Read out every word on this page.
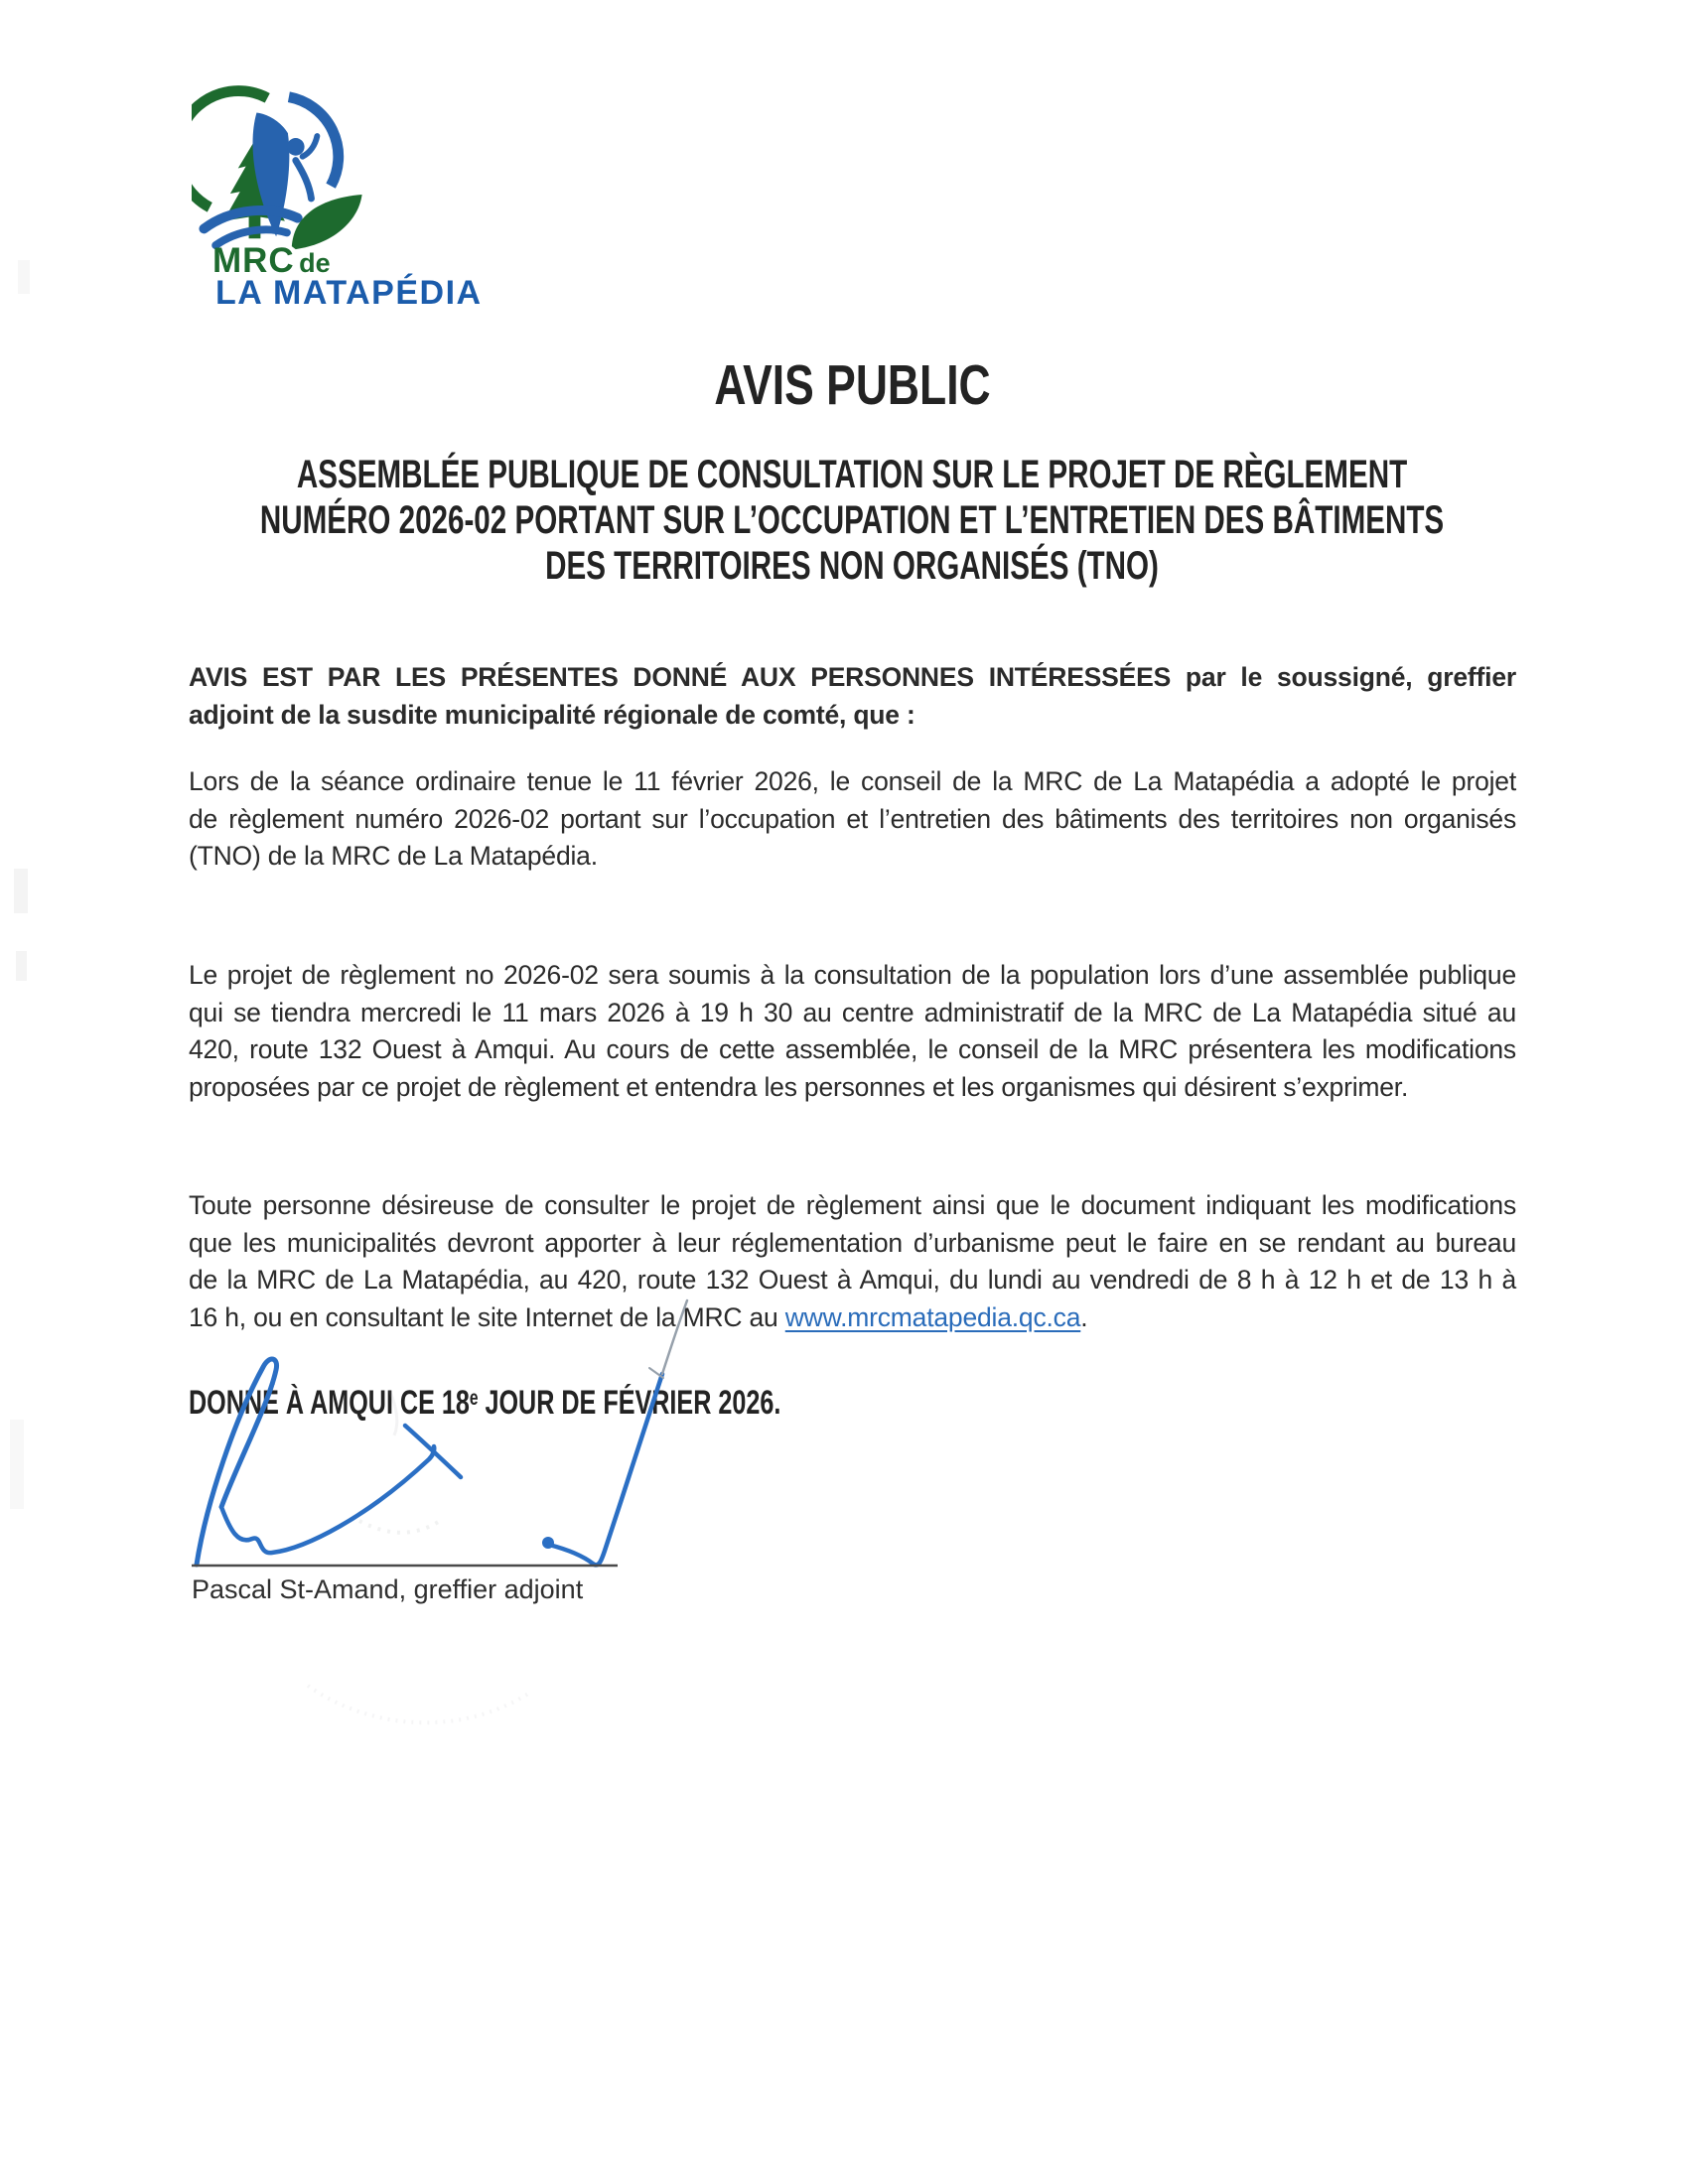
MRC de
LA MATAPÉDIA
AVIS PUBLIC
ASSEMBLÉE PUBLIQUE DE CONSULTATION SUR LE PROJET DE RÈGLEMENT
NUMÉRO 2026-02 PORTANT SUR L’OCCUPATION ET L’ENTRETIEN DES BÂTIMENTS
DES TERRITOIRES NON ORGANISÉS (TNO)
AVIS EST PAR LES PRÉSENTES DONNÉ AUX PERSONNES INTÉRESSÉES par le soussigné, greffier
adjoint de la susdite municipalité régionale de comté, que :
Lors de la séance ordinaire tenue le 11 février 2026, le conseil de la MRC de La Matapédia a adopté le projet
de règlement numéro 2026-02 portant sur l’occupation et l’entretien des bâtiments des territoires non organisés
(TNO) de la MRC de La Matapédia.
Le projet de règlement no 2026-02 sera soumis à la consultation de la population lors d’une assemblée publique
qui se tiendra mercredi le 11 mars 2026 à 19 h 30 au centre administratif de la MRC de La Matapédia situé au
420, route 132 Ouest à Amqui. Au cours de cette assemblée, le conseil de la MRC présentera les modifications
proposées par ce projet de règlement et entendra les personnes et les organismes qui désirent s’exprimer.
Toute personne désireuse de consulter le projet de règlement ainsi que le document indiquant les modifications
que les municipalités devront apporter à leur réglementation d’urbanisme peut le faire en se rendant au bureau
de la MRC de La Matapédia, au 420, route 132 Ouest à Amqui, du lundi au vendredi de 8 h à 12 h et de 13 h à
16 h, ou en consultant le site Internet de la MRC au www.mrcmatapedia.qc.ca.
DONNÉ À AMQUI CE 18e JOUR DE FÉVRIER 2026.
Pascal St-Amand, greffier adjoint
